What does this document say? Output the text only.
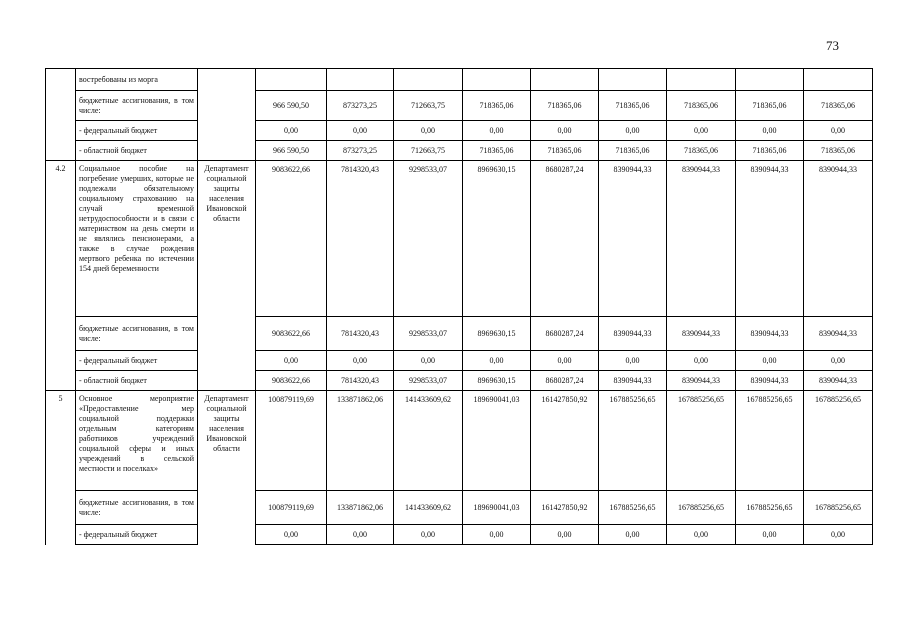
73
	востребованы из морга										
	бюджетные ассигнования, в том числе:		966 590,50	873273,25	712663,75	718365,06	718365,06	718365,06	718365,06	718365,06	718365,06
	- федеральный бюджет		0,00	0,00	0,00	0,00	0,00	0,00	0,00	0,00	0,00
	- областной бюджет		966 590,50	873273,25	712663,75	718365,06	718365,06	718365,06	718365,06	718365,06	718365,06
4.2	Социальное пособие на погребение умерших, которые не подлежали обязательному социальному страхованию на случай временной нетрудоспособности и в связи с материнством на день смерти и не являлись пенсионерами, а также в случае рождения мертвого ребенка по истечении 154 дней беременности	Департамент социальной защиты населения Ивановской области	9083622,66	7814320,43	9298533,07	8969630,15	8680287,24	8390944,33	8390944,33	8390944,33	8390944,33
	бюджетные ассигнования, в том числе:		9083622,66	7814320,43	9298533,07	8969630,15	8680287,24	8390944,33	8390944,33	8390944,33	8390944,33
	- федеральный бюджет		0,00	0,00	0,00	0,00	0,00	0,00	0,00	0,00	0,00
	- областной бюджет		9083622,66	7814320,43	9298533,07	8969630,15	8680287,24	8390944,33	8390944,33	8390944,33	8390944,33
5	Основное мероприятие «Предоставление мер социальной поддержки отдельным категориям работников учреждений социальной сферы и иных учреждений в сельской местности и поселках»	Департамент социальной защиты населения Ивановской области	100879119,69	133871862,06	141433609,62	189690041,03	161427850,92	167885256,65	167885256,65	167885256,65	167885256,65
	бюджетные ассигнования, в том числе:		100879119,69	133871862,06	141433609,62	189690041,03	161427850,92	167885256,65	167885256,65	167885256,65	167885256,65
	- федеральный бюджет		0,00	0,00	0,00	0,00	0,00	0,00	0,00	0,00	0,00
